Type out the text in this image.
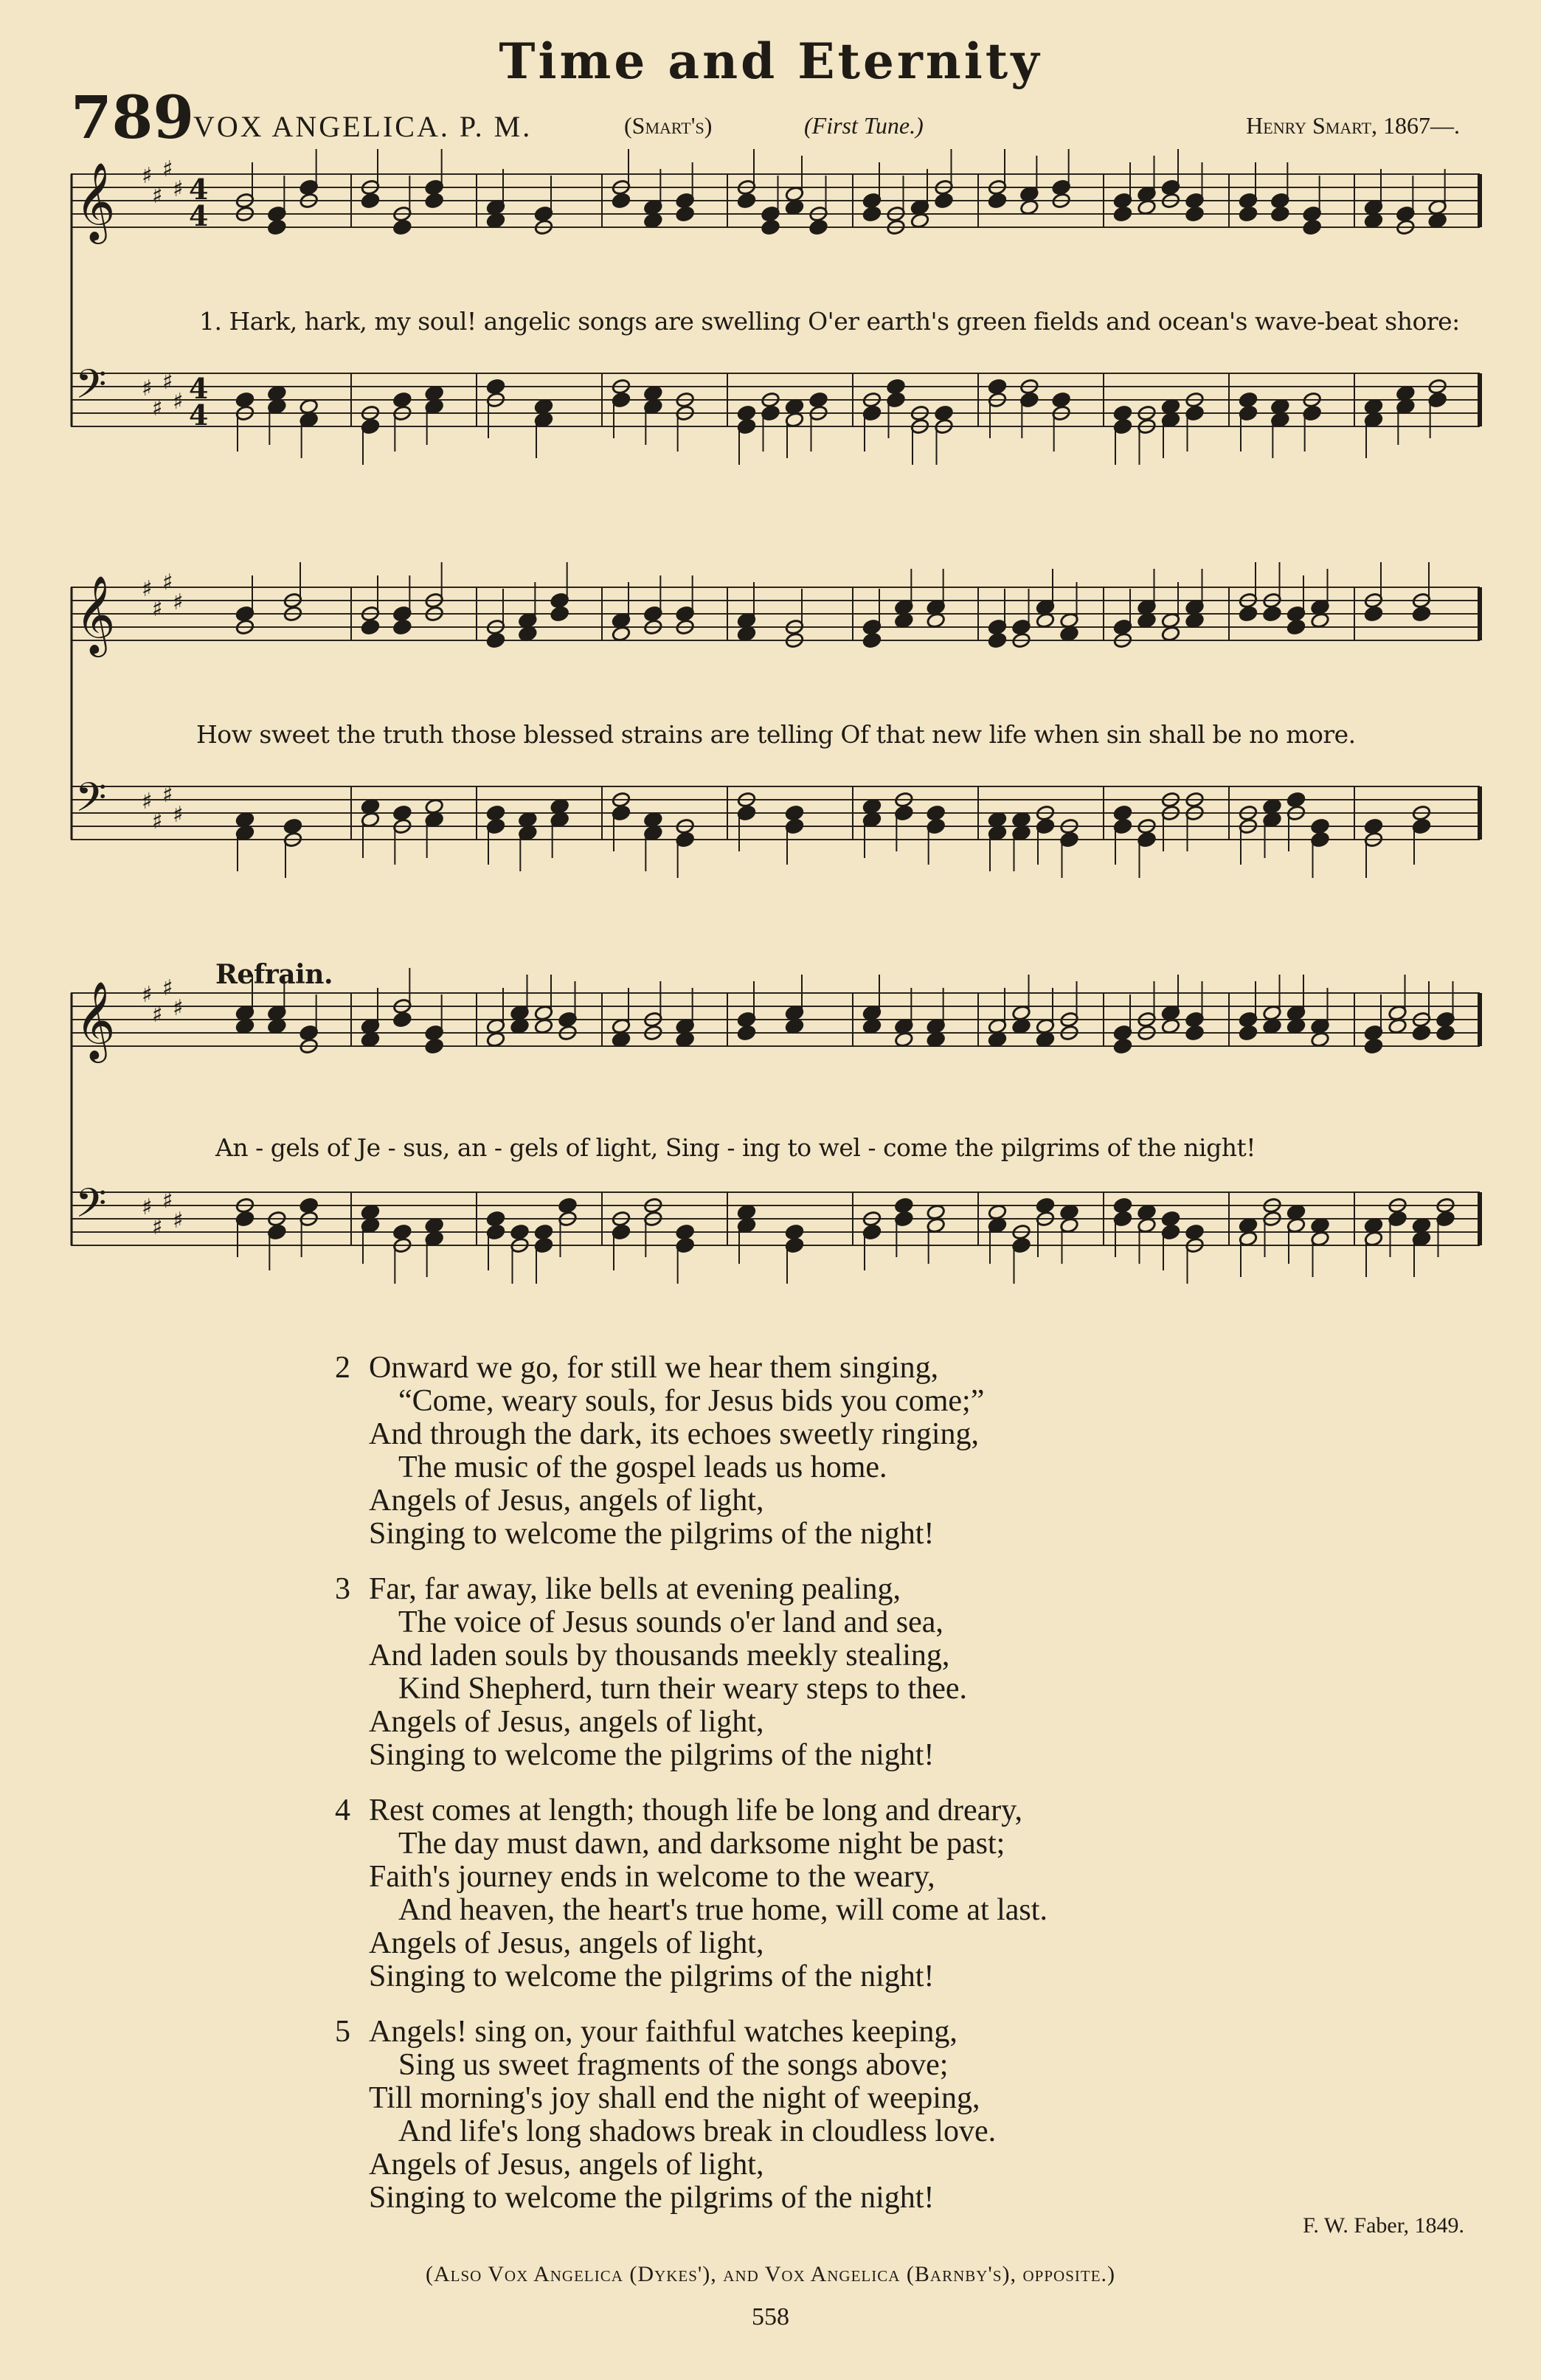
Time and Eternity
789 VOX ANGELICA. P. M.	(Smart's)	(First Tune.)	Henry Smart, 1867—.
𝄞 ♯
♯
♯
♯ 4
4
𝄢 ♯
♯
♯
♯ 4
4
1. Hark, hark, my soul! angelic songs are swelling O'er earth's green fields and ocean's wave-beat shore:
𝄞 ♯
♯
♯
♯
𝄢 ♯
♯
♯
♯
How sweet the truth those blessed strains are telling Of that new life when sin shall be no more.
Refrain.
𝄞 ♯
♯
♯
♯
𝄢 ♯
♯
♯
♯
An - gels of Je - sus, an - gels of light, Sing - ing to wel - come the pilgrims of the night!
2 Onward we go, for still we hear them singing,
“Come, weary souls, for Jesus bids you come;”
And through the dark, its echoes sweetly ringing,
The music of the gospel leads us home.
Angels of Jesus, angels of light,
Singing to welcome the pilgrims of the night!
3 Far, far away, like bells at evening pealing,
The voice of Jesus sounds o'er land and sea,
And laden souls by thousands meekly stealing,
Kind Shepherd, turn their weary steps to thee.
Angels of Jesus, angels of light,
Singing to welcome the pilgrims of the night!
4 Rest comes at length; though life be long and dreary,
The day must dawn, and darksome night be past;
Faith's journey ends in welcome to the weary,
And heaven, the heart's true home, will come at last.
Angels of Jesus, angels of light,
Singing to welcome the pilgrims of the night!
5 Angels! sing on, your faithful watches keeping,
Sing us sweet fragments of the songs above;
Till morning's joy shall end the night of weeping,
And life's long shadows break in cloudless love.
Angels of Jesus, angels of light,
Singing to welcome the pilgrims of the night!
F. W. Faber, 1849.
(Also Vox Angelica (Dykes'), and Vox Angelica (Barnby's), opposite.)
558
